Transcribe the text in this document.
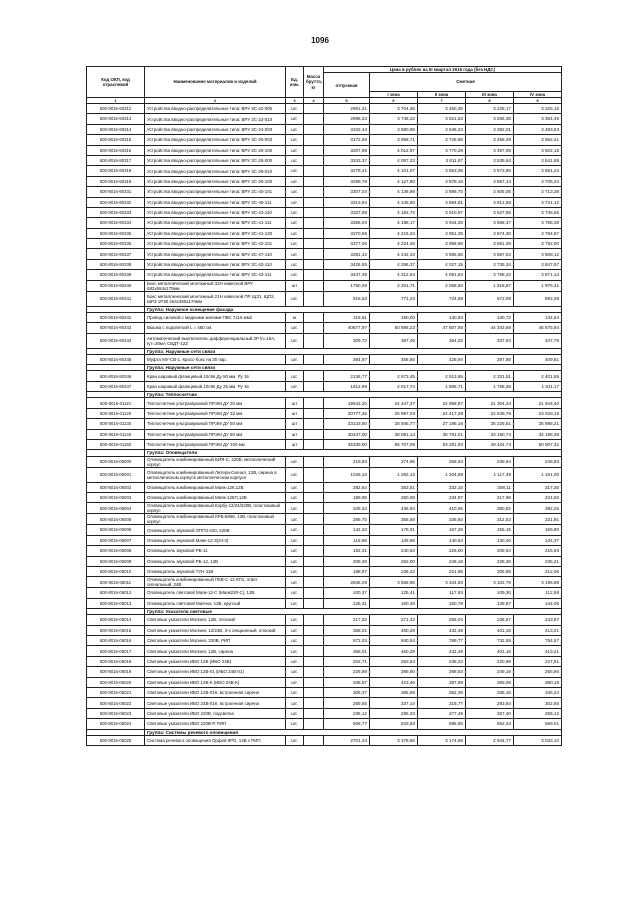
1096
Код ОКП, код отраслевой	Наименование материалов и изделий	Ед. изм.	Масса брутто, кг	Цена в рублях на III квартал 2016 года (без НДС)				
				отпускная	Сметная			
					I зона	II зона	III зона	IV зона
1	2	3	4	5	6	7	8	9
500-8016-90312	Устройства вводно-распределительные типа: ВРУ 3С-22-000	шт.		2961,31	3 704,36	3 450,35	3 228,17	3 325,16
500-8016-90313	Устройства вводно-распределительные типа: ВРУ 3С-22-010	шт.		2996,33	3 748,22	3 521,53	3 266,35	3 364,48
500-8016-90314	Устройства вводно-распределительные типа: ВРУ 3С-24-003	шт.		3102,44	3 880,95	3 646,23	3 382,01	3 483,63
500-8016-90315	Устройства вводно-распределительные типа: ВРУ 3С-25-003	шт.		3172,59	3 968,71	3 728,69	3 458,49	3 562,41
500-8016-90316	Устройства вводно-распределительные типа: ВРУ 3С-26-100	шт.		3207,99	4 012,97	3 770,28	3 497,08	3 602,15
500-8016-90317	Устройства вводно-распределительные типа: ВРУ 3С-28-000	шт.		3243,37	4 057,23	3 811,87	3 535,64	3 641,89
500-8016-90318	Устройства вводно-распределительные типа: ВРУ 3С-28-010	шт.		3278,41	4 101,07	3 853,05	3 573,85	3 681,22
500-8016-90319	Устройства вводно-распределительные типа: ВРУ 3С-29-100	шт.		3299,78	4 127,80	3 878,16	3 597,14	3 705,22
500-8016-90331	Устройства вводно-распределительные типа: ВРУ 3С-40-101	шт.		3307,04	4 136,89	3 886,70	3 605,05	3 713,38
500-8016-90332	Устройства вводно-распределительные типа: ВРУ 3С-40-111	шт.		3313,94	4 145,50	3 894,81	3 612,58	3 721,12
500-8016-90333	Устройства вводно-распределительные типа: ВРУ 3С-41-110	шт.		3327,68	4 162,72	3 910,97	3 627,56	3 736,55
500-8016-90334	Устройства вводно-распределительные типа: ВРУ 3С-41-111	шт.		3356,04	4 198,17	3 944,28	3 658,47	3 768,38
500-8016-90335	Устройства вводно-распределительные типа: ВРУ 3С-41-120	шт.		3370,56	4 216,34	3 961,35	3 674,30	3 784,67
500-8016-90336	Устройства вводно-распределительные типа: ВРУ 3С-42-101	шт.		3377,06	4 224,46	3 968,99	3 681,39	3 792,00
500-8016-90337	Устройства вводно-распределительные типа: ВРУ 3С-47-110	шт.		3391,42	4 242,43	3 985,86	3 697,04	3 808,12
500-8016-90338	Устройства вводно-распределительные типа: ВРУ 3С-43-110	шт.		3426,55	4 286,37	4 027,15	3 735,34	3 847,57
500-8016-90339	Устройства вводно-распределительные типа: ВРУ 3С-43-111	шт.		3447,35	4 312,64	4 051,83	3 758,22	3 871,14
500-8016-90340	Бокс металлический монтажный 33Н навесной ВРУ 682х684х170мм	шт		1760,06	2 201,71	2 068,56	1 918,67	1 976,31
500-8016-90341	Бокс металлический монтажный 21Н навесной ПР, ЩЗ1, ЩП2, ШРЗ 1Р30 464х350х170мм	шт.		616,53	771,23	724,59	672,09	692,28
	Группа: Наружное освещение фасада							
500-8016-90342	Провод силовой с медными жилами ПВС 7х16 мм2	м		119,91	150,00	140,93	130,72	134,64
500-8016-90343	Вышка с подсветкой L = 480 см.	шт.		40677,97	50 885,23	47 807,95	44 343,68	45 675,84
500-8016-90344	Автоматический выключатель дифференциальный 2Р In=16А, Iут=30мА СВДТ-12Z	шт.		309,73	387,46	364,02	337,64	347,79
	Группа: Наружные сети связи							
500-8016-90345	Муфта МУ-СВ-1. Кросс-бокс на 30 пар.	шт.		364,97	456,55	428,94	397,86	409,81
	Группа: Наружные сети связи							
500-8016-90346	Кран шаровый фланцевый 10с9п Ду 50 мм. Ру 16	шт.		2136,77	2 673,45	2 513,65	2 331,51	2 401,55
500-8016-90347	Кран шаровый фланцевый 10с9п Ду 25 мм. Ру 16	шт.		1612,99	2 017,74	1 895,71	1 758,35	1 811,17
	Группа: Теплосчетчик							
500-8016-01110	Теплосчетчик ультразвуковой ПРЭМ ДУ 20 мм	шт		19543,20	24 447,37	22 968,97	21 304,34	21 944,40
500-8016-01120	Теплосчетчик ультразвуковой ПРЭМ ДУ 32 мм	шт		20777,45	25 987,03	24 417,39	22 649,76	23 329,16
500-8016-01130	Теплосчетчик ультразвуковой ПРЭМ ДУ 50 мм	шт		23143,80	28 946,77	27 196,16	25 226,51	25 986,21
500-8016-01140	Теплосчетчик ультразвуковой ПРЭМ ДУ 80 мм	шт		30447,00	38 081,14	35 781,01	33 190,74	34 186,39
500-8016-01150	Теплосчетчик ультразвуковой ПРЭМ ДУ 100 мм	шт		45339,00	56 707,09	53 281,93	49 424,74	50 907,32
	Группа: Оповещатели							
500-8016-06000	Оповещатель комбинированный БИЯ-С, 220В, металлический корпус	шт.		219,83	274,95	258,34	239,64	246,83
500-8016-06001	Оповещатель комбинированный Литера-Сигнал, 12В, сирена в металлическом корпусе металлическом корпусе	шт.		1025,10	1 282,13	1 204,69	1 117,45	1 151,00
500-8016-06002	Оповещатель комбинированный Маяк-12К,12В	шт.		282,64	353,51	332,15	308,11	317,35
500-8016-06003	Оповещатель комбинированный Маяк-12КП,12В	шт.		199,95	250,08	234,97	217,96	224,50
500-8016-06004	Оповещатель комбинированный Корбу-12/24/220В, пластиковый корпус	шт.		349,34	436,94	410,55	380,82	392,25
500-8016-06005	Оповещатель комбинированный КРБ-6896, 12В, пластиковый корпус	шт.		286,70	358,58	336,92	312,53	321,91
500-8016-06006	Оповещатель звуковой ОПП3-220, 220В	шт.		142,33	178,01	167,26	155,15	159,80
500-8016-06007	Оповещатель звуковой Маяк-12-З(24-3)	шт.		119,68	149,68	140,64	130,46	134,37
500-8016-06008	Оповещатель звуковой РБ-11	шт.		192,31	240,53	226,00	209,64	215,93
500-8016-06009	Оповещатель звуковой РБ-12, 12В	шт.		209,48	262,00	246,18	228,36	235,21
500-8016-06010	Оповещатель звуковой ТУН-11В	шт.		188,97	236,22	221,95	205,89	212,06
500-8016-06011	Оповещатель комбинированный ПКВ-С-12 КП1, ответ сигнальный, 24В	шт.		2846,29	3 558,96	3 344,93	3 102,79	3 195,88
500-8016-06012	Оповещатель световой Маяк-12-С (Маяк220-С), 12В	шт.		100,27	125,41	117,83	109,30	112,58
500-8016-06013	Оповещатель световой Маячок, 12В, круглый	шт.		128,31	160,48	150,78	139,87	144,06
	Группа: Указатели световые							
500-8016-06014	Световые указатели Молния, 12В, плоский	шт.		217,02	271,43	255,04	236,57	243,67
500-8016-06015	Световые указатели Молния, 12/24В, 3-х секционный, плоский	шт.		368,01	460,29	432,49	401,18	413,21
500-8016-06016	Световые указатели Молния, 220В, РИП	шт.		672,03	840,54	789,77	732,59	754,57
500-8016-06017	Световые указатели Молния, 12В, сирена	шт.		368,01	460,29	432,49	401,18	413,21
500-8016-06018	Световые указатели ИБО 12В (ИБО 24В)	шт.		202,71	253,54	238,22	220,98	227,61
500-8016-06019	Световые указатели ИБО 12В-01 (ИБО 24В-01)	шт.		228,59	285,90	268,63	249,19	256,66
500-8016-06020	Световые указатели ИБО 12В-К (ИБО 24В-К)	шт.		338,57	423,46	397,88	369,08	380,15
500-8016-06021	Световые указатели ИБО 12В-01К, встроенная сирена	шт.		308,37	385,69	362,39	336,16	346,24
500-8016-06022	Световые указатели ИБО 24В-01К, встроенная сирена	шт.		269,55	337,14	316,77	293,84	302,66
500-8016-06023	Световые указатели ИБО 220В, подсветка	шт.		236,12	295,33	277,49	257,40	265,12
500-8016-06024	Световые указатели ИБО 220В-Р, РИП	шт.		506,77	633,83	595,55	552,44	569,01
	Группа: Системы речевого оповещения							
500-8016-06025	Система речевого оповещения Орфей 8РО, 12В с РИП	шт.		2701,34	3 378,66	3 174,59	2 944,77	3 033,10
